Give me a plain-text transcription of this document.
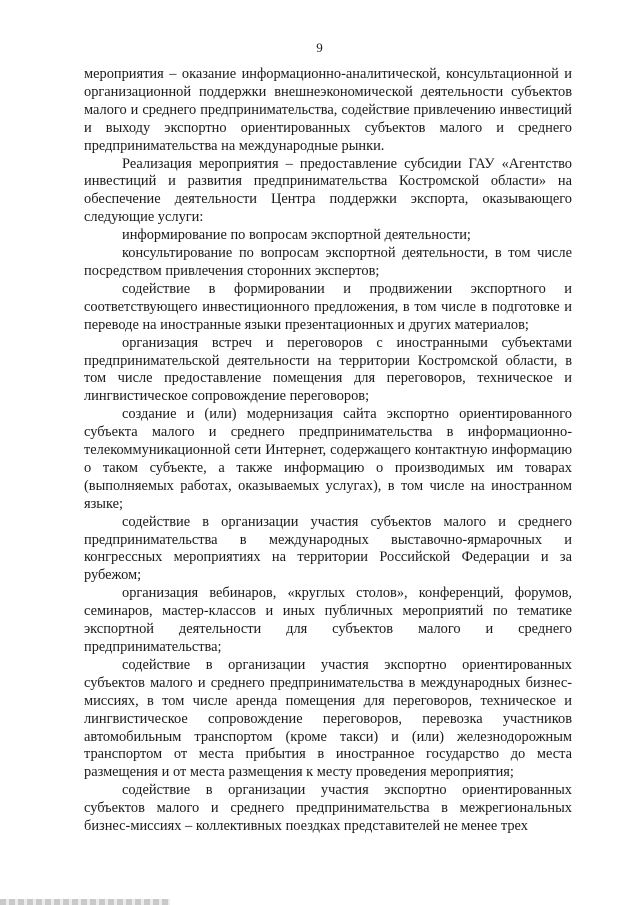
9

мероприятия – оказание информационно-аналитической, консультационной и организационной поддержки внешнеэкономической деятельности субъектов малого и среднего предпринимательства, содействие привлечению инвестиций и выходу экспортно ориентированных субъектов малого и среднего предпринимательства на международные рынки.

Реализация мероприятия – предоставление субсидии ГАУ «Агентство инвестиций и развития предпринимательства Костромской области» на обеспечение деятельности Центра поддержки экспорта, оказывающего следующие услуги:

информирование по вопросам экспортной деятельности;

консультирование по вопросам экспортной деятельности, в том числе посредством привлечения сторонних экспертов;

содействие в формировании и продвижении экспортного и соответствующего инвестиционного предложения, в том числе в подготовке и переводе на иностранные языки презентационных и других материалов;

организация встреч и переговоров с иностранными субъектами предпринимательской деятельности на территории Костромской области, в том числе предоставление помещения для переговоров, техническое и лингвистическое сопровождение переговоров;

создание и (или) модернизация сайта экспортно ориентированного субъекта малого и среднего предпринимательства в информационно-телекоммуникационной сети Интернет, содержащего контактную информацию о таком субъекте, а также информацию о производимых им товарах (выполняемых работах, оказываемых услугах), в том числе на иностранном языке;

содействие в организации участия субъектов малого и среднего предпринимательства в международных выставочно-ярмарочных и конгрессных мероприятиях на территории Российской Федерации и за рубежом;

организация вебинаров, «круглых столов», конференций, форумов, семинаров, мастер-классов и иных публичных мероприятий по тематике экспортной деятельности для субъектов малого и среднего предпринимательства;

содействие в организации участия экспортно ориентированных субъектов малого и среднего предпринимательства в международных бизнес-миссиях, в том числе аренда помещения для переговоров, техническое и лингвистическое сопровождение переговоров, перевозка участников автомобильным транспортом (кроме такси) и (или) железнодорожным транспортом от места прибытия в иностранное государство до места размещения и от места размещения к месту проведения мероприятия;

содействие в организации участия экспортно ориентированных субъектов малого и среднего предпринимательства в межрегиональных бизнес-миссиях – коллективных поездках представителей не менее трех
